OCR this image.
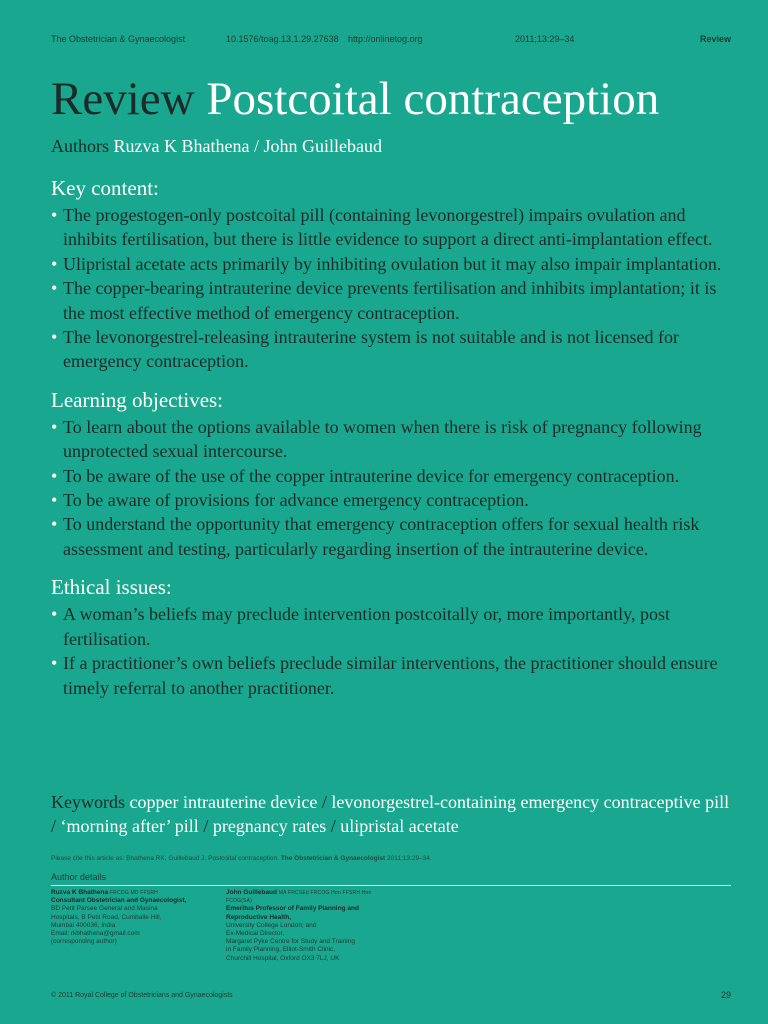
The Obstetrician & Gynaecologist	10.1576/toag.13.1.29.27638 http://onlinetog.org	2011;13:29–34	Review
Review Postcoital contraception
Authors Ruzva K Bhathena / John Guillebaud
Key content:
• The progestogen-only postcoital pill (containing levonorgestrel) impairs ovulation and inhibits fertilisation, but there is little evidence to support a direct anti-implantation effect.
• Ulipristal acetate acts primarily by inhibiting ovulation but it may also impair implantation.
• The copper-bearing intrauterine device prevents fertilisation and inhibits implantation; it is the most effective method of emergency contraception.
• The levonorgestrel-releasing intrauterine system is not suitable and is not licensed for emergency contraception.
Learning objectives:
• To learn about the options available to women when there is risk of pregnancy following unprotected sexual intercourse.
• To be aware of the use of the copper intrauterine device for emergency contraception.
• To be aware of provisions for advance emergency contraception.
• To understand the opportunity that emergency contraception offers for sexual health risk assessment and testing, particularly regarding insertion of the intrauterine device.
Ethical issues:
• A woman’s beliefs may preclude intervention postcoitally or, more importantly, post fertilisation.
• If a practitioner’s own beliefs preclude similar interventions, the practitioner should ensure timely referral to another practitioner.
Keywords copper intrauterine device / levonorgestrel-containing emergency contraceptive pill / ‘morning after’ pill / pregnancy rates / ulipristal acetate
Please cite this article as: Bhathena RK, Guillebaud J. Postcoital contraception. The Obstetrician & Gynaecologist 2011;13:29–34.
Author details
Ruzva K Bhathena FRCOG MD FFSRH
Consultant Obstetrician and Gynaecologist,
BD Petit Parsee General and Masina
Hospitals, B Petit Road, Cumballe Hill,
Mumbai 400036, India
Email: rkbhathena@gmail.com
(corresponding author)
John Guillebaud MA FRCSEd FRCOG Hon FFSRH Hon FCOG(SA)
Emeritus Professor of Family Planning and Reproductive Health,
University College London; and
Ex-Medical Director,
Margaret Pyke Centre for Study and Training
in Family Planning, Elliot-Smith Clinic,
Churchill Hospital, Oxford OX3 7LJ, UK
© 2011 Royal College of Obstetricians and Gynaecologists	29
